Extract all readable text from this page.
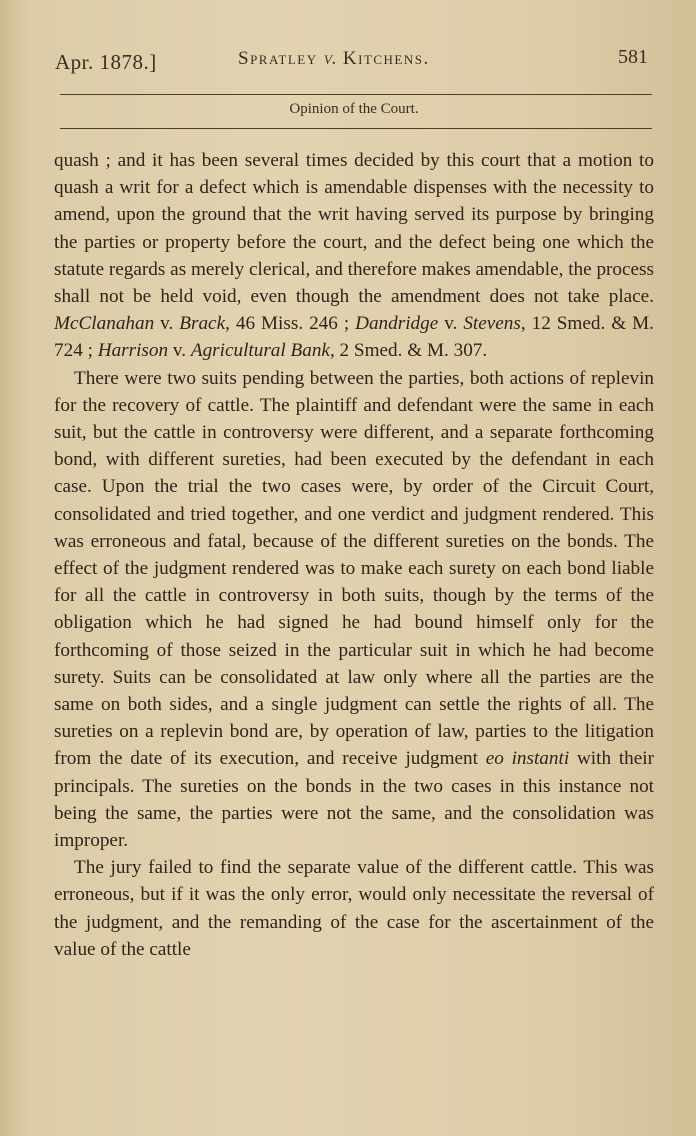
Apr. 1878.]	Spratley v. Kitchens.	581
Opinion of the Court.

quash ; and it has been several times decided by this court that a motion to quash a writ for a defect which is amendable dispenses with the necessity to amend, upon the ground that the writ having served its purpose by bringing the parties or property before the court, and the defect being one which the statute regards as merely clerical, and therefore makes amendable, the process shall not be held void, even though the amendment does not take place. McClanahan v. Brack, 46 Miss. 246 ; Dandridge v. Stevens, 12 Smed. & M. 724 ; Harrison v. Agricultural Bank, 2 Smed. & M. 307.

There were two suits pending between the parties, both actions of replevin for the recovery of cattle. The plaintiff and defendant were the same in each suit, but the cattle in controversy were different, and a separate forthcoming bond, with different sureties, had been executed by the defendant in each case. Upon the trial the two cases were, by order of the Circuit Court, consolidated and tried together, and one verdict and judgment rendered. This was erroneous and fatal, because of the different sureties on the bonds. The effect of the judgment rendered was to make each surety on each bond liable for all the cattle in controversy in both suits, though by the terms of the obligation which he had signed he had bound himself only for the forthcoming of those seized in the particular suit in which he had become surety. Suits can be consolidated at law only where all the parties are the same on both sides, and a single judgment can settle the rights of all. The sureties on a replevin bond are, by operation of law, parties to the litigation from the date of its execution, and receive judgment eo instanti with their principals. The sureties on the bonds in the two cases in this instance not being the same, the parties were not the same, and the consolidation was improper.

The jury failed to find the separate value of the different cattle. This was erroneous, but if it was the only error, would only necessitate the reversal of the judgment, and the remanding of the case for the ascertainment of the value of the cattle
